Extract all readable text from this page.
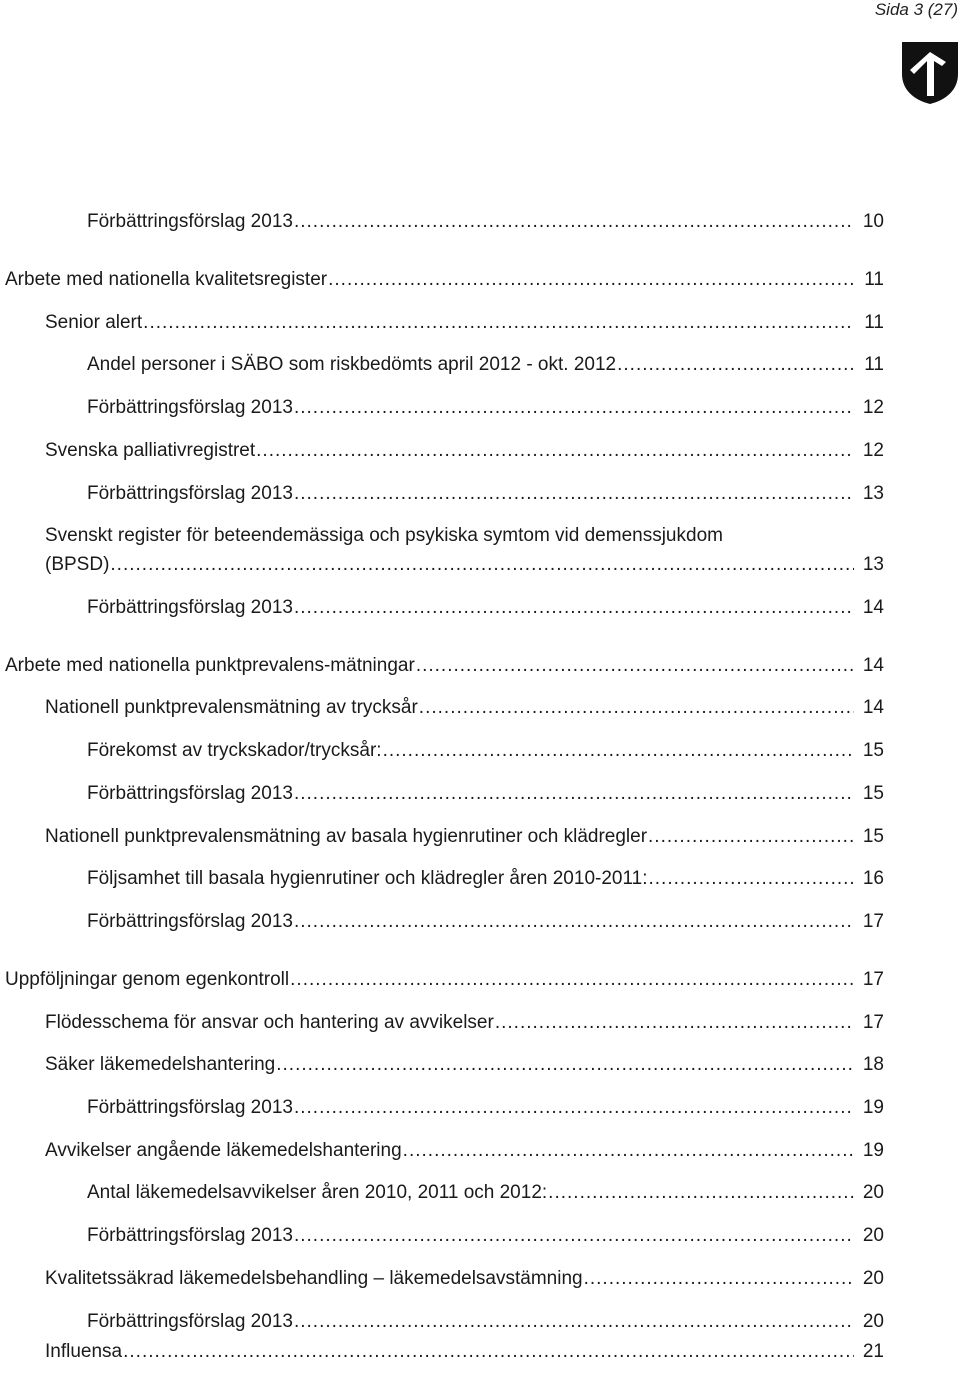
Sida 3 (27)
Förbättringsförslag 2013 .....	10
Arbete med nationella kvalitetsregister .....	11
Senior alert .....	11
Andel personer i SÄBO som riskbedömts april 2012 - okt. 2012 .....	11
Förbättringsförslag 2013 .....	12
Svenska palliativregistret .....	12
Förbättringsförslag 2013 .....	13
Svenskt register för beteendemässiga och psykiska symtom vid demenssjukdom
(BPSD) .....	13
Förbättringsförslag 2013 .....	14
Arbete med nationella punktprevalens-mätningar .....	14
Nationell punktprevalensmätning av trycksår .....	14
Förekomst av tryckskador/trycksår: .....	15
Förbättringsförslag 2013 .....	15
Nationell punktprevalensmätning av basala hygienrutiner och klädregler .....	15
Följsamhet till basala hygienrutiner och klädregler åren 2010-2011: .....	16
Förbättringsförslag 2013 .....	17
Uppföljningar genom egenkontroll .....	17
Flödesschema för ansvar och hantering av avvikelser .....	17
Säker läkemedelshantering .....	18
Förbättringsförslag 2013 .....	19
Avvikelser angående läkemedelshantering .....	19
Antal läkemedelsavvikelser åren 2010, 2011 och 2012: .....	20
Förbättringsförslag 2013 .....	20
Kvalitetssäkrad läkemedelsbehandling – läkemedelsavstämning .....	20
Förbättringsförslag 2013 .....	20
Influensa .....	21
